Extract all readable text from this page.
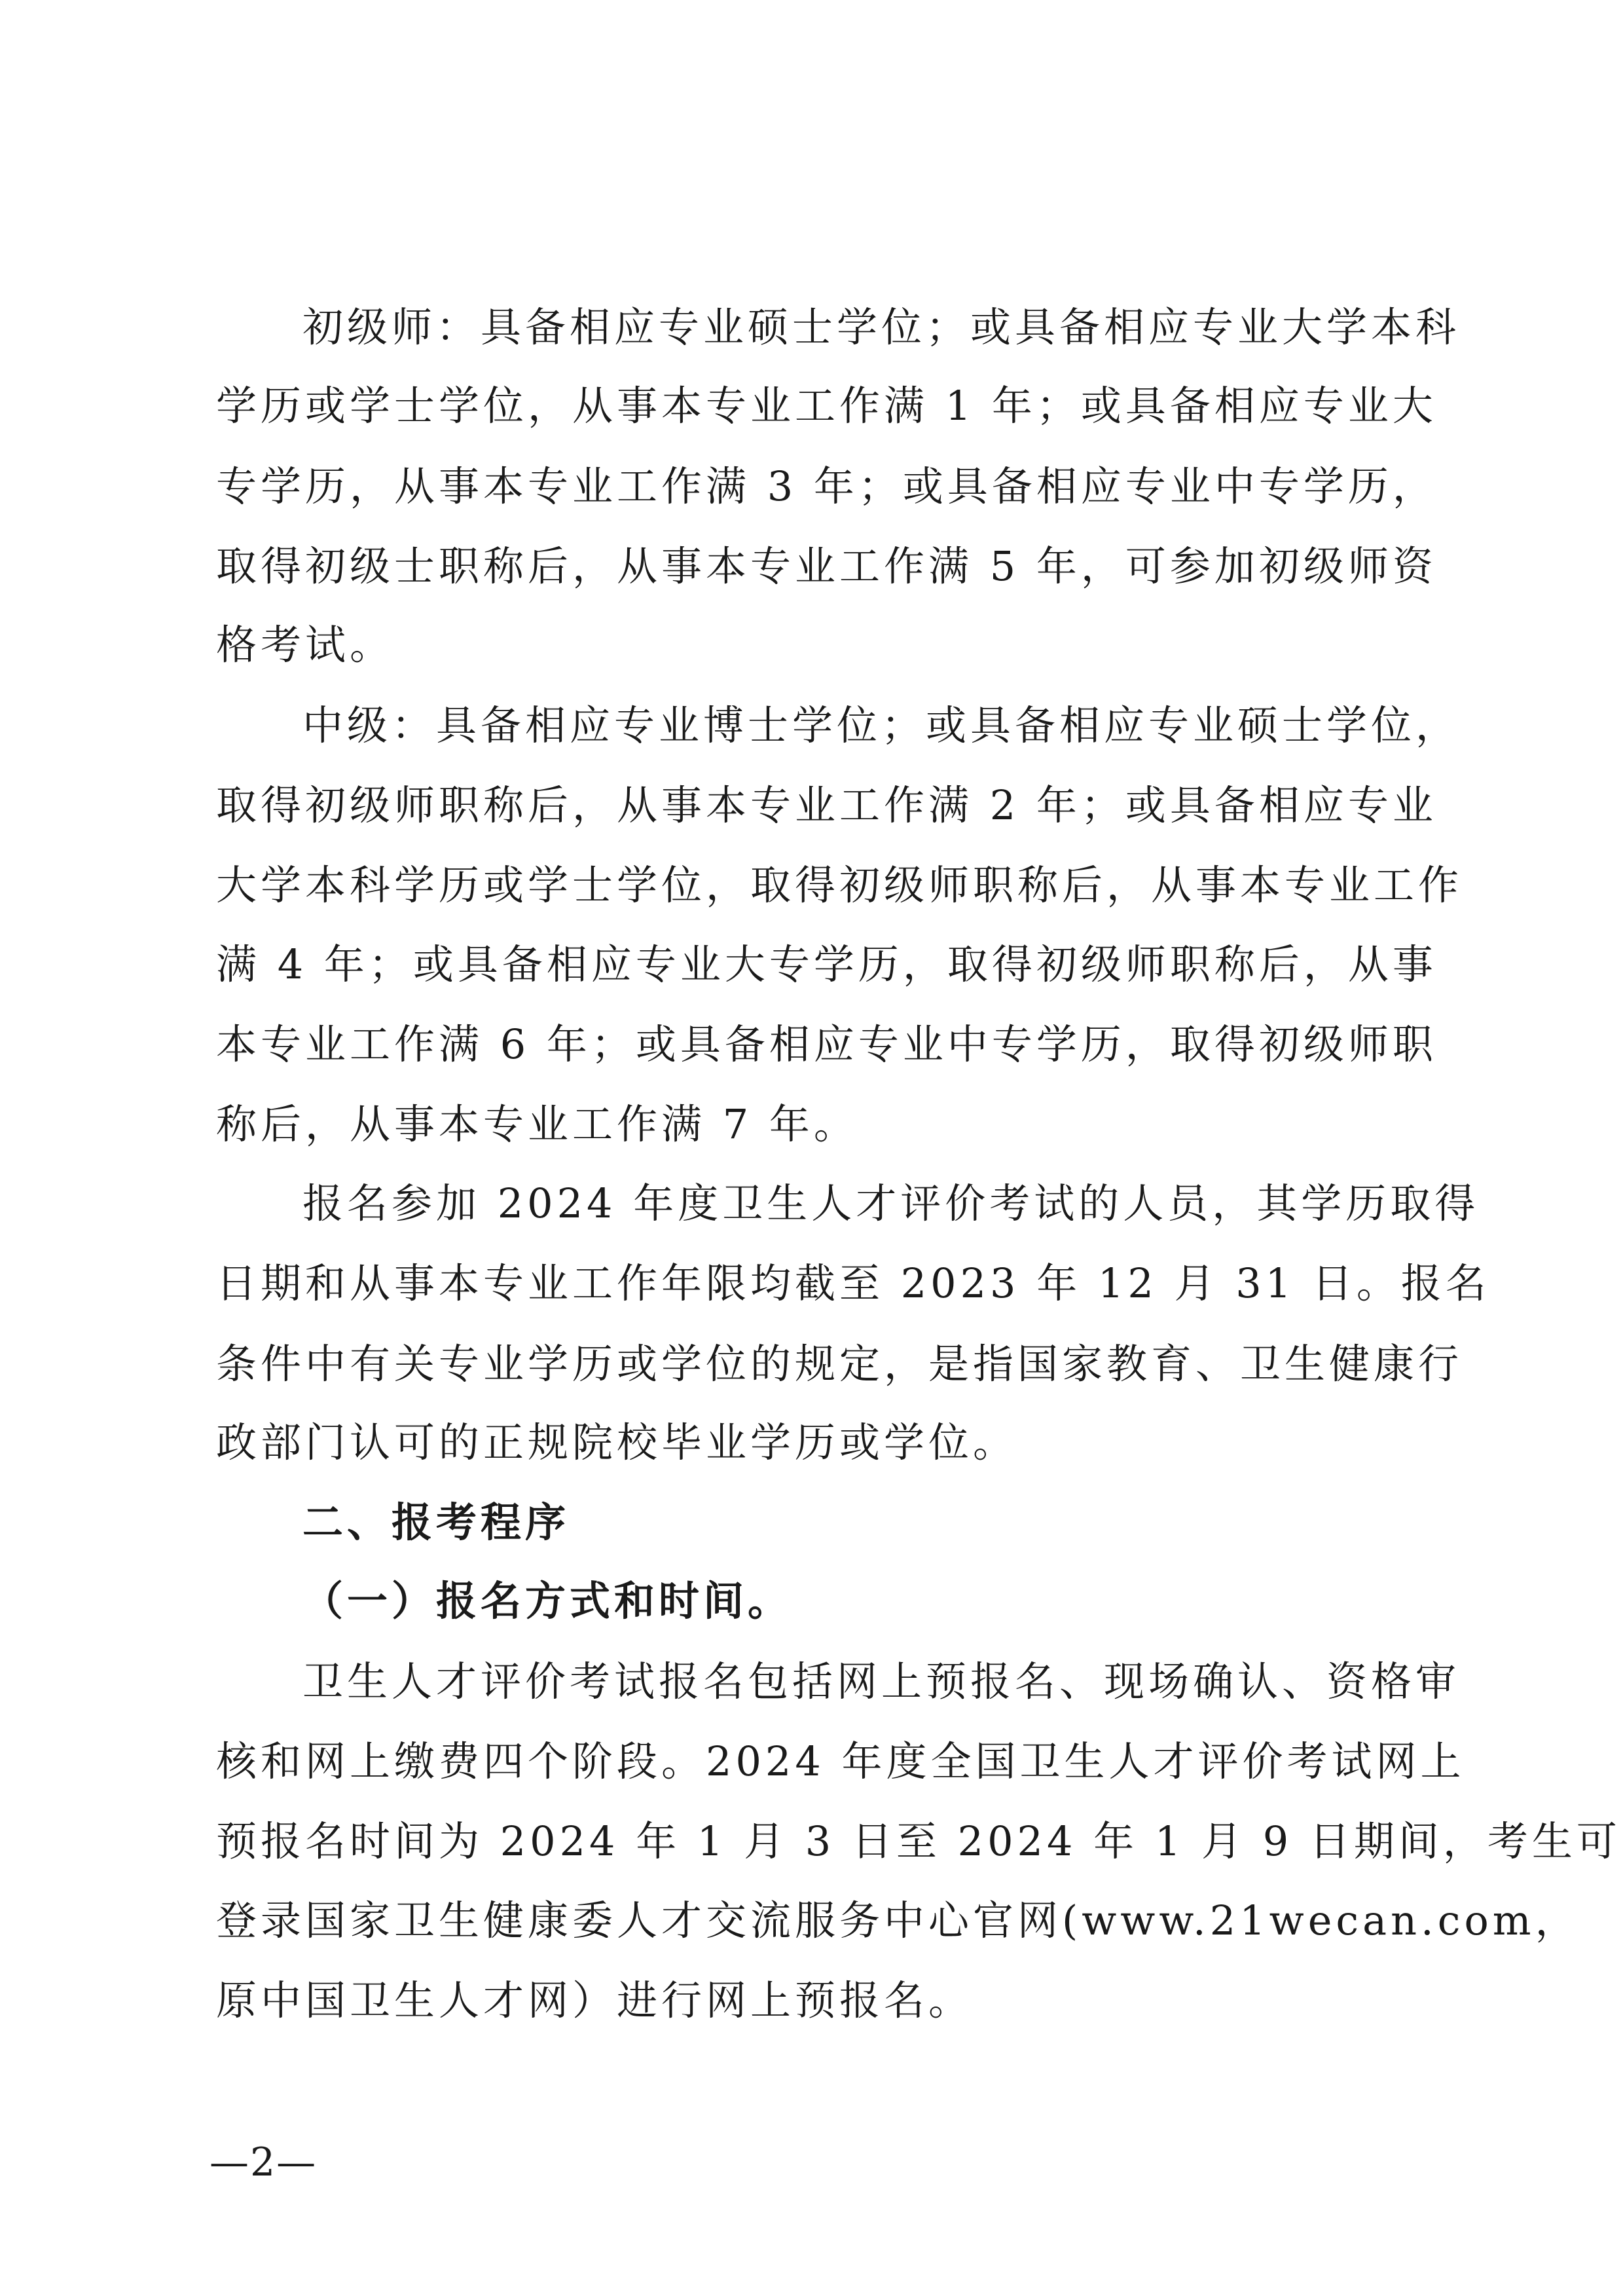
初级师：具备相应专业硕士学位；或具备相应专业大学本科
学历或学士学位，从事本专业工作满 1 年；或具备相应专业大
专学历，从事本专业工作满 3 年；或具备相应专业中专学历，
取得初级士职称后，从事本专业工作满 5 年，可参加初级师资
格考试。
中级：具备相应专业博士学位；或具备相应专业硕士学位，
取得初级师职称后，从事本专业工作满 2 年；或具备相应专业
大学本科学历或学士学位，取得初级师职称后，从事本专业工作
满 4 年；或具备相应专业大专学历，取得初级师职称后，从事
本专业工作满 6 年；或具备相应专业中专学历，取得初级师职
称后，从事本专业工作满 7 年。
报名参加 2024 年度卫生人才评价考试的人员，其学历取得
日期和从事本专业工作年限均截至 2023 年 12 月 31 日。报名
条件中有关专业学历或学位的规定，是指国家教育、卫生健康行
政部门认可的正规院校毕业学历或学位。
二、报考程序
（一）报名方式和时间。
卫生人才评价考试报名包括网上预报名、现场确认、资格审
核和网上缴费四个阶段。2024 年度全国卫生人才评价考试网上
预报名时间为 2024 年 1 月 3 日至 2024 年 1 月 9 日期间，考生可
登录国家卫生健康委人才交流服务中心官网(www.21wecan.com，
原中国卫生人才网）进行网上预报名。
—2—
